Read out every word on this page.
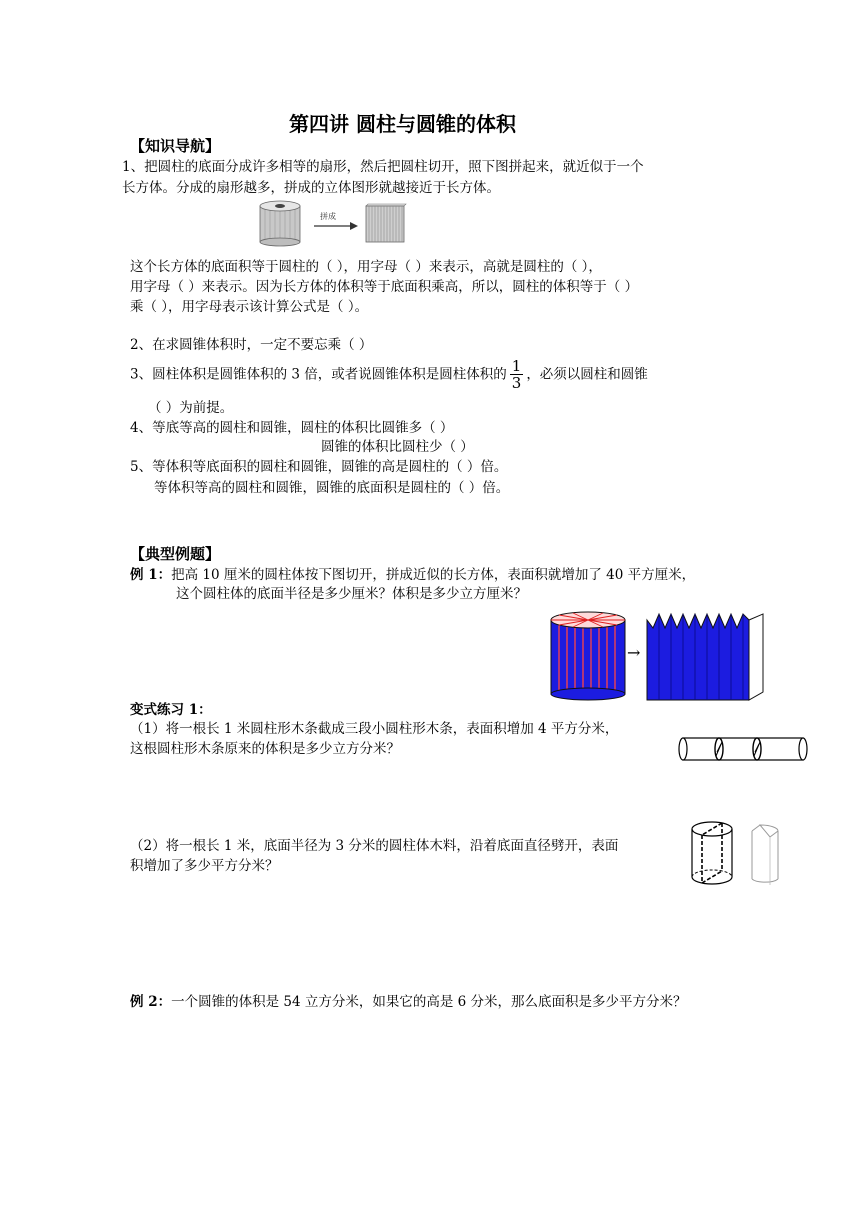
第四讲 圆柱与圆锥的体积
【知识导航】
1、把圆柱的底面分成许多相等的扇形，然后把圆柱切开，照下图拼起来，就近似于一个
长方体。分成的扇形越多，拼成的立体图形就越接近于长方体。
拼成
这个长方体的底面积等于圆柱的（ ），用字母（ ）来表示，高就是圆柱的（ ），
用字母（ ）来表示。因为长方体的体积等于底面积乘高，所以，圆柱的体积等于（ ）
乘（ ），用字母表示该计算公式是（ ）。
2、在求圆锥体积时，一定不要忘乘（ ）
3、圆柱体积是圆锥体积的 3 倍，或者说圆锥体积是圆柱体积的 $\frac{1}{3}$ ，必须以圆柱和圆锥
（ ）为前提。
4、等底等高的圆柱和圆锥，圆柱的体积比圆锥多（ ）
圆锥的体积比圆柱少（ ）
5、等体积等底面积的圆柱和圆锥，圆锥的高是圆柱的（ ）倍。
等体积等高的圆柱和圆锥，圆锥的底面积是圆柱的（ ）倍。
【典型例题】
例 1：把高 10 厘米的圆柱体按下图切开，拼成近似的长方体，表面积就增加了 40 平方厘米，
这个圆柱体的底面半径是多少厘米？体积是多少立方厘米？
→
变式练习 1：
（1）将一根长 1 米圆柱形木条截成三段小圆柱形木条，表面积增加 4 平方分米，
这根圆柱形木条原来的体积是多少立方分米？
（2）将一根长 1 米，底面半径为 3 分米的圆柱体木料，沿着底面直径劈开，表面
积增加了多少平方分米？
例 2：一个圆锥的体积是 54 立方分米，如果它的高是 6 分米，那么底面积是多少平方分米？
